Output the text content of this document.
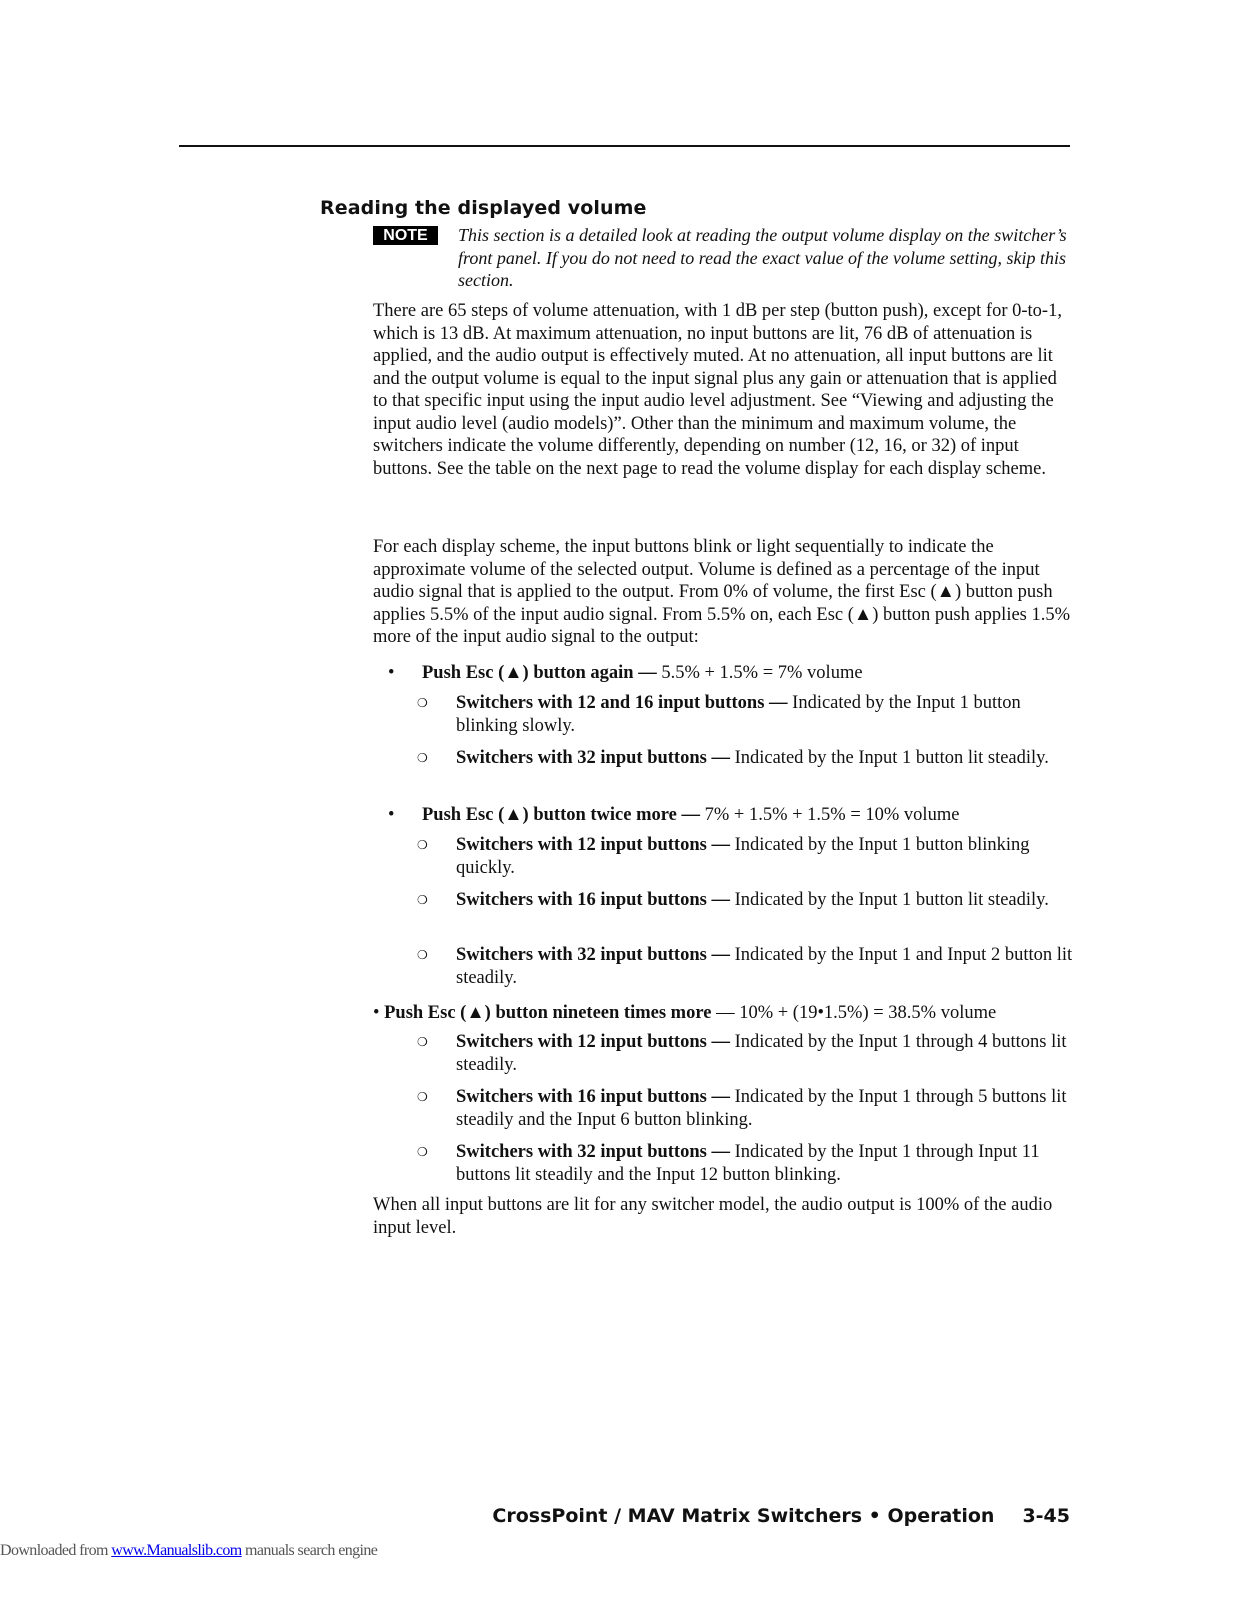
Reading the displayed volume
NOTE	This section is a detailed look at reading the output volume display on the switcher’s front panel. If you do not need to read the exact value of the volume setting, skip this section.

There are 65 steps of volume attenuation, with 1 dB per step (button push), except for 0-to-1, which is 13 dB. At maximum attenuation, no input buttons are lit, 76 dB of attenuation is applied, and the audio output is effectively muted. At no attenuation, all input buttons are lit and the output volume is equal to the input signal plus any gain or attenuation that is applied to that specific input using the input audio level adjustment. See “Viewing and adjusting the input audio level (audio models)”. Other than the minimum and maximum volume, the switchers indicate the volume differently, depending on number (12, 16, or 32) of input buttons. See the table on the next page to read the volume display for each display scheme.

For each display scheme, the input buttons blink or light sequentially to indicate the approximate volume of the selected output. Volume is defined as a percentage of the input audio signal that is applied to the output. From 0% of volume, the first Esc (▲) button push applies 5.5% of the input audio signal. From 5.5% on, each Esc (▲) button push applies 1.5% more of the input audio signal to the output:

• Push Esc (▲) button again — 5.5% + 1.5% = 7% volume

❍ Switchers with 12 and 16 input buttons — Indicated by the Input 1 button blinking slowly.

❍ Switchers with 32 input buttons — Indicated by the Input 1 button lit steadily.

• Push Esc (▲) button twice more — 7% + 1.5% + 1.5% = 10% volume

❍ Switchers with 12 input buttons — Indicated by the Input 1 button blinking quickly.

❍ Switchers with 16 input buttons — Indicated by the Input 1 button lit steadily.

❍ Switchers with 32 input buttons — Indicated by the Input 1 and Input 2 button lit steadily.

• Push Esc (▲) button nineteen times more — 10% + (19•1.5%) = 38.5% volume

❍ Switchers with 12 input buttons — Indicated by the Input 1 through 4 buttons lit steadily.

❍ Switchers with 16 input buttons — Indicated by the Input 1 through 5 buttons lit steadily and the Input 6 button blinking.

❍ Switchers with 32 input buttons — Indicated by the Input 1 through Input 11 buttons lit steadily and the Input 12 button blinking.

When all input buttons are lit for any switcher model, the audio output is 100% of the audio input level.

CrossPoint / MAV Matrix Switchers • Operation 3-45

Downloaded from www.Manualslib.com manuals search engine
